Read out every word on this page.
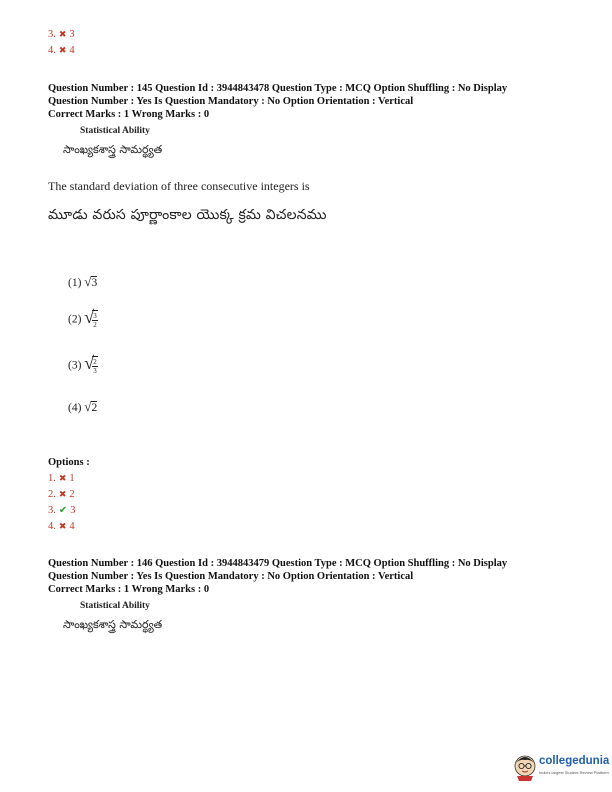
3. ✖ 3
4. ✖ 4
Question Number : 145 Question Id : 3944843478 Question Type : MCQ Option Shuffling : No Display
Question Number : Yes Is Question Mandatory : No Option Orientation : Vertical
Correct Marks : 1 Wrong Marks : 0
Statistical Ability
సాంఖ్యకశాస్త్ర సామర్థ్యత
The standard deviation of three consecutive integers is
మూడు వరుస పూర్ణాంకాల యొక్క క్రమ విచలనము
(1) √3
(2) √
$\frac{3}{2}$
(3) √
$\frac{2}{3}$
(4) √2
Options :
1. ✖ 1
2. ✖ 2
3. ✔ 3
4. ✖ 4
Question Number : 146 Question Id : 3944843479 Question Type : MCQ Option Shuffling : No Display
Question Number : Yes Is Question Mandatory : No Option Orientation : Vertical
Correct Marks : 1 Wrong Marks : 0
Statistical Ability
సాంఖ్యకశాస్త్ర సామర్థ్యత
collegedunia
India's largest Student Review Platform
